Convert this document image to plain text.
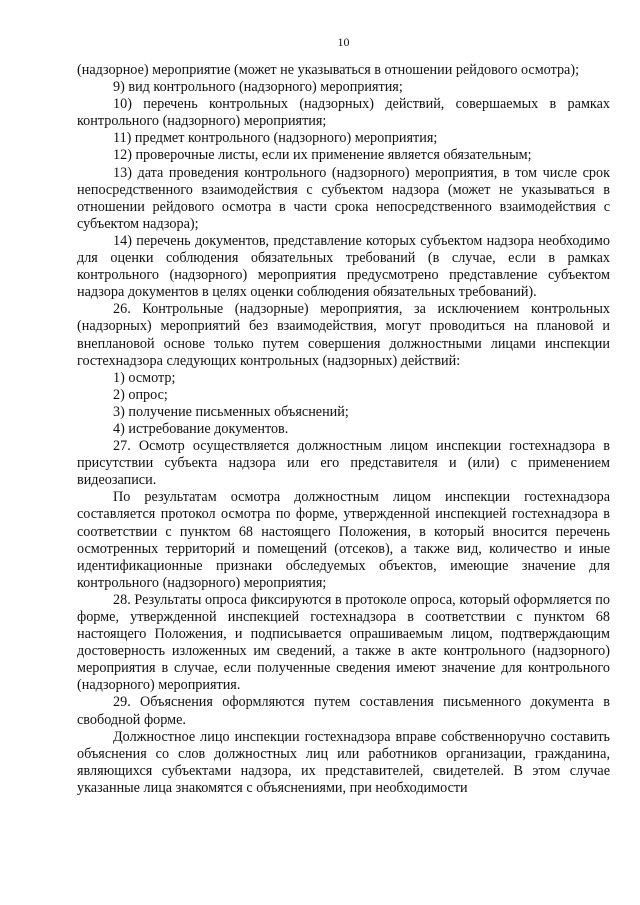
10

(надзорное) мероприятие (может не указываться в отношении рейдового осмотра);

9) вид контрольного (надзорного) мероприятия;

10) перечень контрольных (надзорных) действий, совершаемых в рамках контрольного (надзорного) мероприятия;

11) предмет контрольного (надзорного) мероприятия;

12) проверочные листы, если их применение является обязательным;

13) дата проведения контрольного (надзорного) мероприятия, в том числе срок непосредственного взаимодействия с субъектом надзора (может не указываться в отношении рейдового осмотра в части срока непосредственного взаимодействия с субъектом надзора);

14) перечень документов, представление которых субъектом надзора необходимо для оценки соблюдения обязательных требований (в случае, если в рамках контрольного (надзорного) мероприятия предусмотрено представление субъектом надзора документов в целях оценки соблюдения обязательных требований).

26. Контрольные (надзорные) мероприятия, за исключением контрольных (надзорных) мероприятий без взаимодействия, могут проводиться на плановой и внеплановой основе только путем совершения должностными лицами инспекции гостехнадзора следующих контрольных (надзорных) действий:

1) осмотр;

2) опрос;

3) получение письменных объяснений;

4) истребование документов.

27. Осмотр осуществляется должностным лицом инспекции гостехнадзора в присутствии субъекта надзора или его представителя и (или) с применением видеозаписи.

По результатам осмотра должностным лицом инспекции гостехнадзора составляется протокол осмотра по форме, утвержденной инспекцией гостехнадзора в соответствии с пунктом 68 настоящего Положения, в который вносится перечень осмотренных территорий и помещений (отсеков), а также вид, количество и иные идентификационные признаки обследуемых объектов, имеющие значение для контрольного (надзорного) мероприятия;

28. Результаты опроса фиксируются в протоколе опроса, который оформляется по форме, утвержденной инспекцией гостехнадзора в соответствии с пунктом 68 настоящего Положения, и подписывается опрашиваемым лицом, подтверждающим достоверность изложенных им сведений, а также в акте контрольного (надзорного) мероприятия в случае, если полученные сведения имеют значение для контрольного (надзорного) мероприятия.

29. Объяснения оформляются путем составления письменного документа в свободной форме.

Должностное лицо инспекции гостехнадзора вправе собственноручно составить объяснения со слов должностных лиц или работников организации, гражданина, являющихся субъектами надзора, их представителей, свидетелей. В этом случае указанные лица знакомятся с объяснениями, при необходимости
